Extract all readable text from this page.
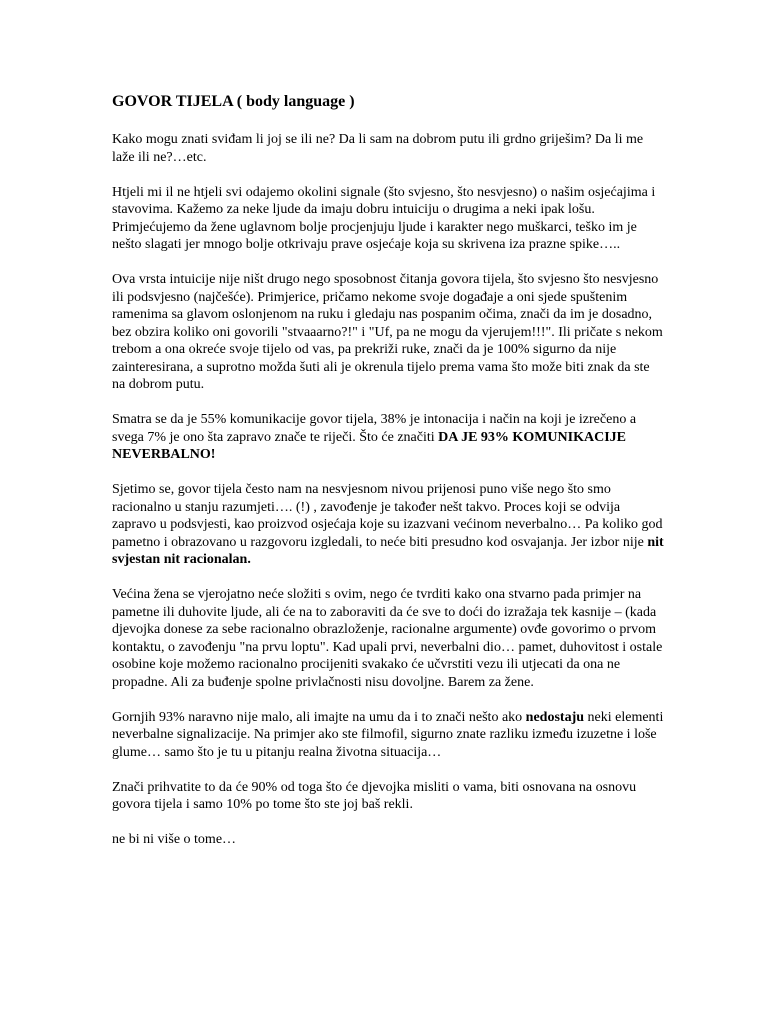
GOVOR TIJELA ( body language )

Kako mogu znati sviđam li joj se ili ne? Da li sam na dobrom putu ili grdno griješim? Da li me laže ili ne?…etc.

Htjeli mi il ne htjeli svi odajemo okolini signale (što svjesno, što nesvjesno) o našim osjećajima i stavovima. Kažemo za neke ljude da imaju dobru intuiciju o drugima a neki ipak lošu. Primjećujemo da žene uglavnom bolje procjenjuju ljude i karakter nego muškarci, teško im je nešto slagati jer mnogo bolje otkrivaju prave osjećaje koja su skrivena iza prazne spike…..

Ova vrsta intuicije nije ništ drugo nego sposobnost čitanja govora tijela, što svjesno što nesvjesno ili podsvjesno (najčešće). Primjerice, pričamo nekome svoje događaje a oni sjede spuštenim ramenima sa glavom oslonjenom na ruku i gledaju nas pospanim očima, znači da im je dosadno, bez obzira koliko oni govorili "stvaaarno?!" i "Uf, pa ne mogu da vjerujem!!!". Ili pričate s nekom trebom a ona okreće svoje tijelo od vas, pa prekriži ruke, znači da je 100% sigurno da nije zainteresirana, a suprotno možda šuti ali je okrenula tijelo prema vama što može biti znak da ste na dobrom putu.

Smatra se da je 55% komunikacije govor tijela, 38% je intonacija i način na koji je izrečeno a svega 7% je ono šta zapravo znače te riječi. Što će značiti DA JE 93% KOMUNIKACIJE NEVERBALNO!

Sjetimo se, govor tijela često nam na nesvjesnom nivou prijenosi puno više nego što smo racionalno u stanju razumjeti…. (!) , zavođenje je također nešt takvo. Proces koji se odvija zapravo u podsvjesti, kao proizvod osjećaja koje su izazvani većinom neverbalno… Pa koliko god pametno i obrazovano u razgovoru izgledali, to neće biti presudno kod osvajanja. Jer izbor nije nit svjestan nit racionalan.

Većina žena se vjerojatno neće složiti s ovim, nego će tvrditi kako ona stvarno pada primjer na pametne ili duhovite ljude, ali će na to zaboraviti da će sve to doći do izražaja tek kasnije – (kada djevojka donese za sebe racionalno obrazloženje, racionalne argumente) ovđe govorimo o prvom kontaktu, o zavođenju "na prvu loptu". Kad upali prvi, neverbalni dio… pamet, duhovitost i ostale osobine koje možemo racionalno procijeniti svakako će učvrstiti vezu ili utjecati da ona ne propadne. Ali za buđenje spolne privlačnosti nisu dovoljne. Barem za žene.

Gornjih 93% naravno nije malo, ali imajte na umu da i to znači nešto ako nedostaju neki elementi neverbalne signalizacije. Na primjer ako ste filmofil, sigurno znate razliku između izuzetne i loše glume… samo što je tu u pitanju realna životna situacija…

Znači prihvatite to da će 90% od toga što će djevojka misliti o vama, biti osnovana na osnovu govora tijela i samo 10% po tome što ste joj baš rekli.

ne bi ni više o tome…
